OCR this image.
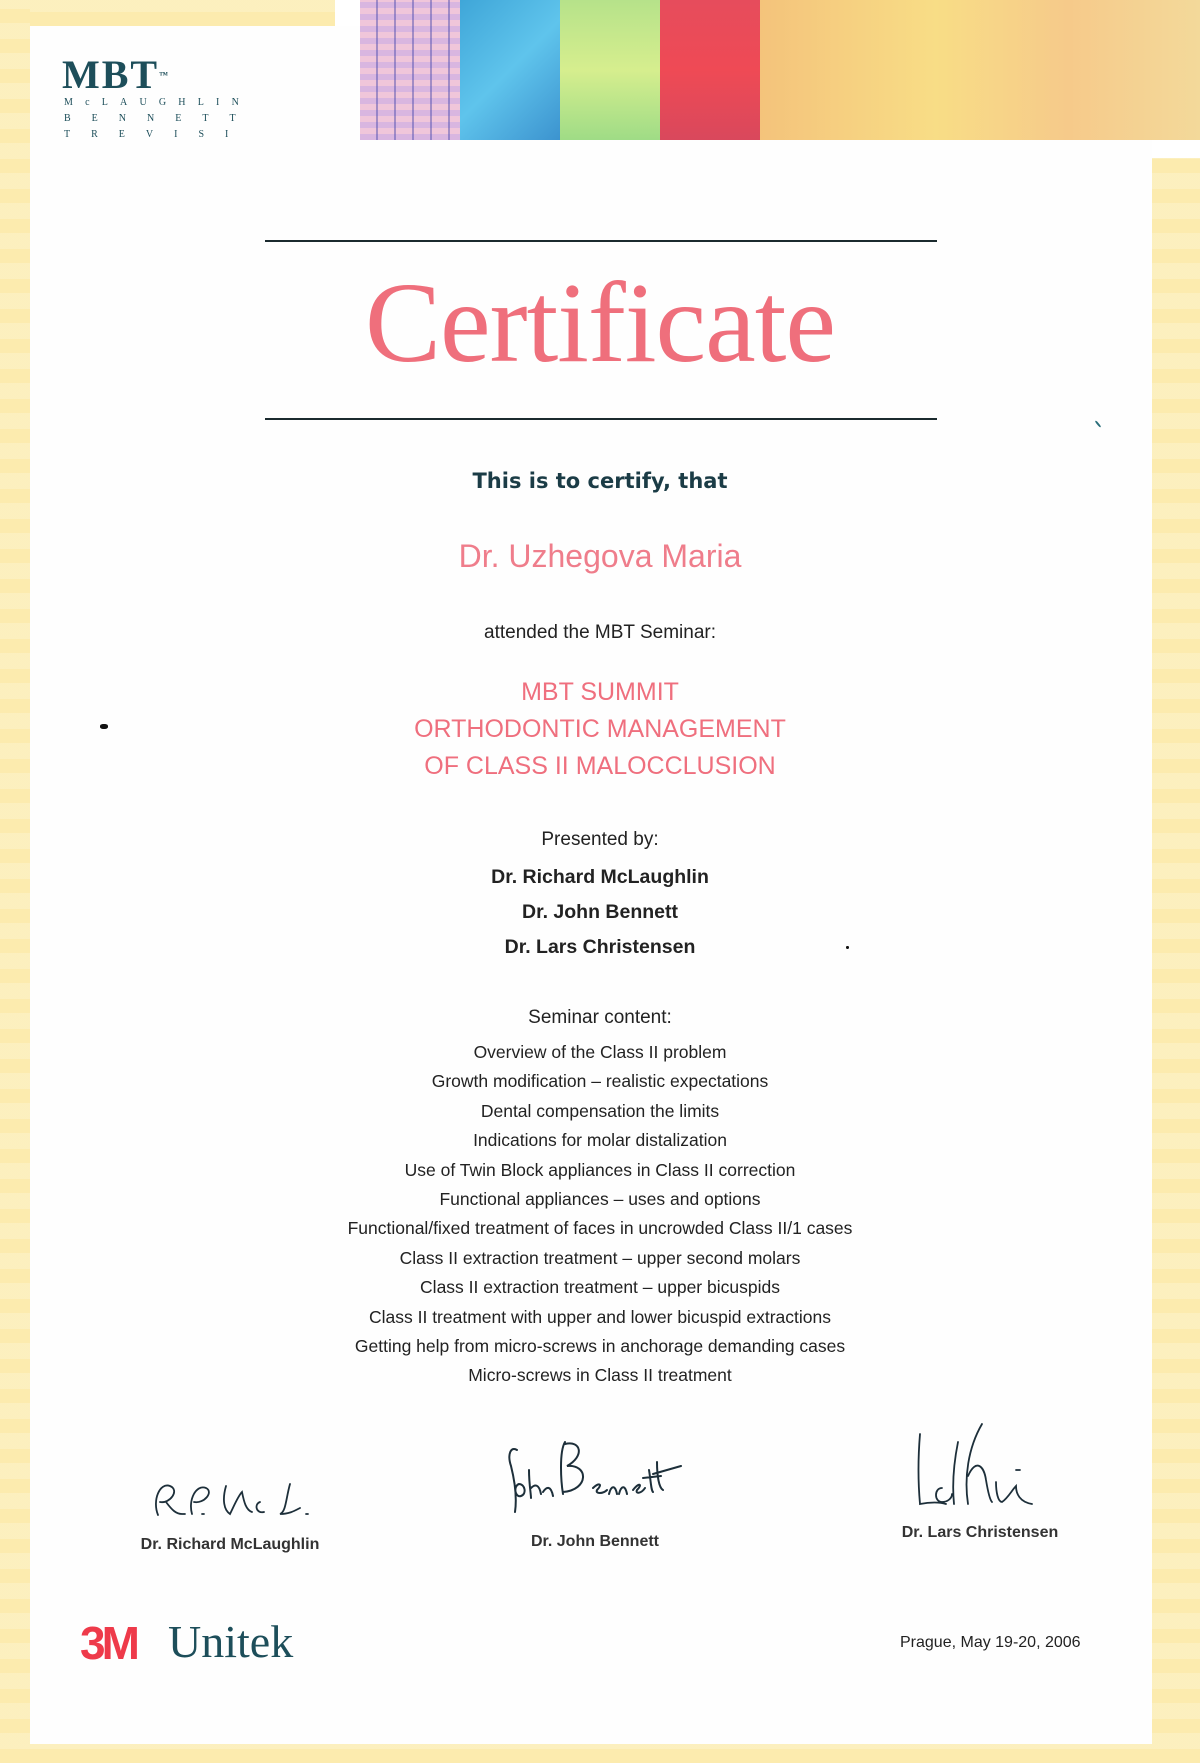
MBT™
McLAUGHLIN
BENNETT
TREVISI
Certificate
This is to certify, that
Dr. Uzhegova Maria
attended the MBT Seminar:
MBT SUMMIT
ORTHODONTIC MANAGEMENT
OF CLASS II MALOCCLUSION
Presented by:
Dr. Richard McLaughlin
Dr. John Bennett
Dr. Lars Christensen
Seminar content:
Overview of the Class II problem
Growth modification – realistic expectations
Dental compensation the limits
Indications for molar distalization
Use of Twin Block appliances in Class II correction
Functional appliances – uses and options
Functional/fixed treatment of faces in uncrowded Class II/1 cases
Class II extraction treatment – upper second molars
Class II extraction treatment – upper bicuspids
Class II treatment with upper and lower bicuspid extractions
Getting help from micro-screws in anchorage demanding cases
Micro-screws in Class II treatment
Dr. Richard McLaughlin	Dr. John Bennett
Dr. Lars Christensen
3M Unitek	Prague, May 19-20, 2006
